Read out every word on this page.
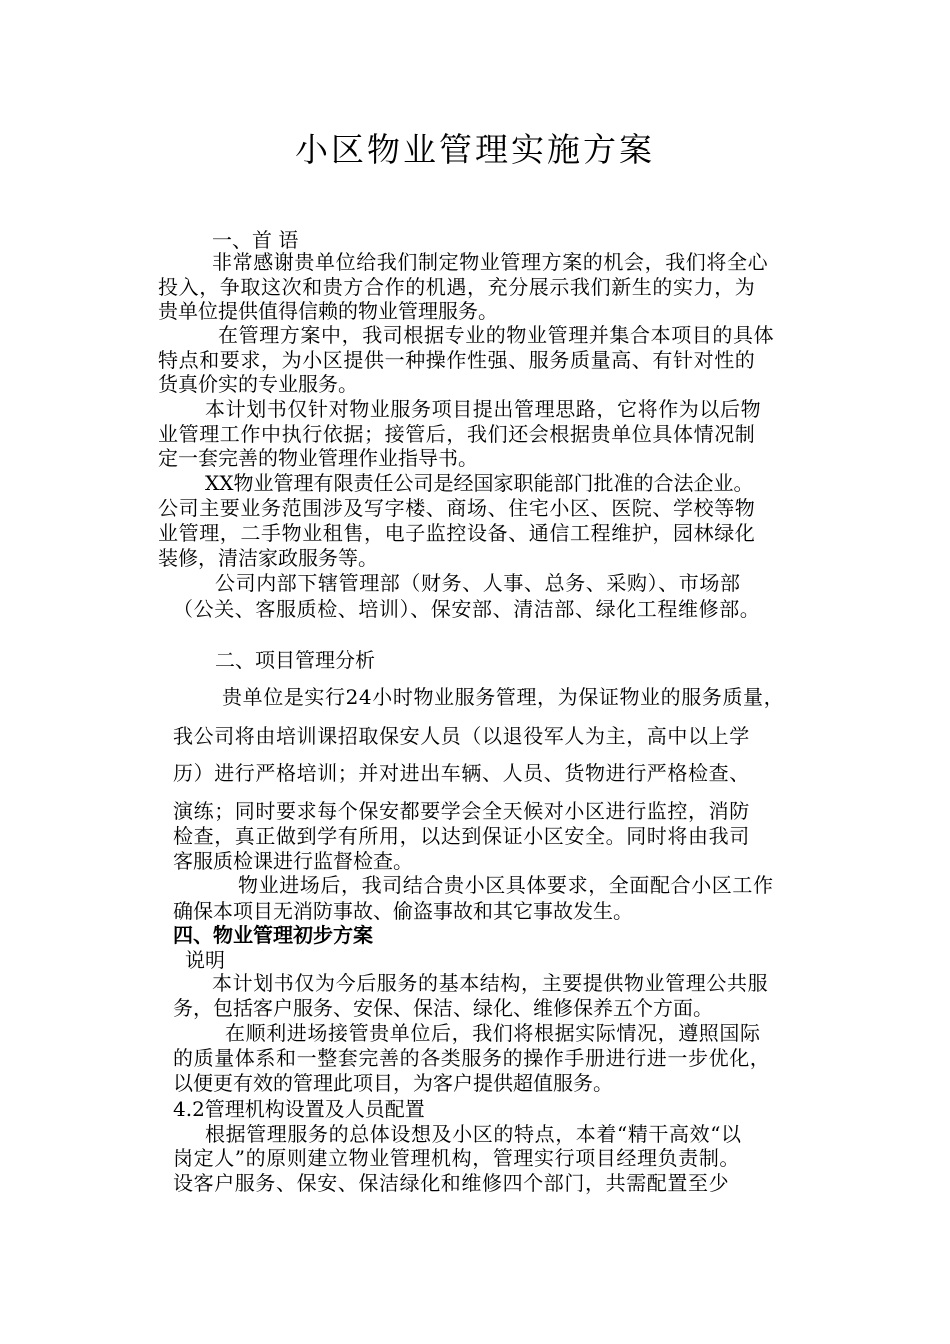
小区物业管理实施方案
一、首 语
非常感谢贵单位给我们制定物业管理方案的机会，我们将全心
投入，争取这次和贵方合作的机遇，充分展示我们新生的实力，为
贵单位提供值得信赖的物业管理服务。
在管理方案中，我司根据专业的物业管理并集合本项目的具体
特点和要求，为小区提供一种操作性强、服务质量高、有针对性的
货真价实的专业服务。
本计划书仅针对物业服务项目提出管理思路，它将作为以后物
业管理工作中执行依据；接管后，我们还会根据贵单位具体情况制
定一套完善的物业管理作业指导书。
XX物业管理有限责任公司是经国家职能部门批准的合法企业。
公司主要业务范围涉及写字楼、商场、住宅小区、医院、学校等物
业管理，二手物业租售，电子监控设备、通信工程维护，园林绿化
装修，清洁家政服务等。
公司内部下辖管理部（财务、人事、总务、采购）、市场部
（公关、客服质检、培训）、保安部、清洁部、绿化工程维修部。
二、项目管理分析
贵单位是实行24小时物业服务管理，为保证物业的服务质量，
我公司将由培训课招取保安人员（以退役军人为主，高中以上学
历）进行严格培训；并对进出车辆、人员、货物进行严格检查、
演练；同时要求每个保安都要学会全天候对小区进行监控，消防
检查，真正做到学有所用，以达到保证小区安全。同时将由我司
客服质检课进行监督检查。
物业进场后，我司结合贵小区具体要求，全面配合小区工作
确保本项目无消防事故、偷盗事故和其它事故发生。
四、物业管理初步方案
说明
本计划书仅为今后服务的基本结构，主要提供物业管理公共服
务，包括客户服务、安保、保洁、绿化、维修保养五个方面。
在顺利进场接管贵单位后，我们将根据实际情况，遵照国际
的质量体系和一整套完善的各类服务的操作手册进行进一步优化，
以便更有效的管理此项目，为客户提供超值服务。
4.2管理机构设置及人员配置
根据管理服务的总体设想及小区的特点，本着“精干高效“以
岗定人”的原则建立物业管理机构，管理实行项目经理负责制。
设客户服务、保安、保洁绿化和维修四个部门，共需配置至少
